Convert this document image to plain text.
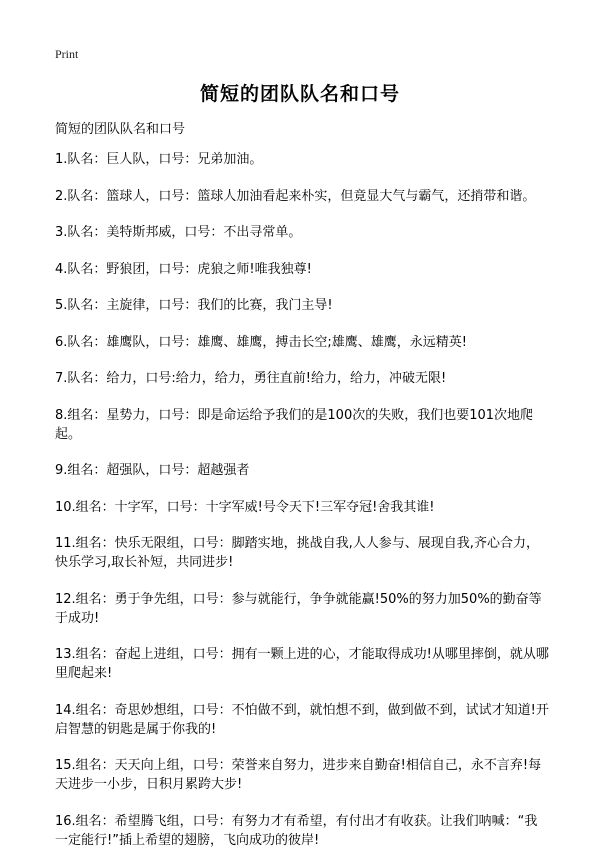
Print
简短的团队队名和口号
简短的团队队名和口号

1.队名：巨人队，口号：兄弟加油。

2.队名：篮球人，口号：篮球人加油看起来朴实，但竟显大气与霸气，还捎带和谐。

3.队名：美特斯邦威，口号：不出寻常单。

4.队名：野狼团，口号：虎狼之师!唯我独尊!

5.队名：主旋律，口号：我们的比赛，我门主导!

6.队名：雄鹰队，口号：雄鹰、雄鹰，搏击长空;雄鹰、雄鹰，永远精英!

7.队名：给力，口号:给力，给力，勇往直前!给力，给力，冲破无限!

8.组名：星势力，口号：即是命运给予我们的是100次的失败，我们也要101次地爬起。

9.组名：超强队，口号：超越强者

10.组名：十字军，口号：十字军威!号令天下!三军夺冠!舍我其谁!

11.组名：快乐无限组，口号：脚踏实地，挑战自我,人人参与、展现自我,齐心合力，快乐学习,取长补短，共同进步!

12.组名：勇于争先组，口号：参与就能行，争争就能赢!50%的努力加50%的勤奋等于成功!

13.组名：奋起上进组，口号：拥有一颗上进的心，才能取得成功!从哪里摔倒，就从哪里爬起来!

14.组名：奇思妙想组，口号：不怕做不到，就怕想不到，做到做不到，试试才知道!开启智慧的钥匙是属于你我的!

15.组名：天天向上组，口号：荣誉来自努力，进步来自勤奋!相信自己，永不言弃!每天进步一小步，日积月累跨大步!

16.组名：希望腾飞组，口号：有努力才有希望，有付出才有收获。让我们呐喊：“我一定能行!”插上希望的翅膀，飞向成功的彼岸!
